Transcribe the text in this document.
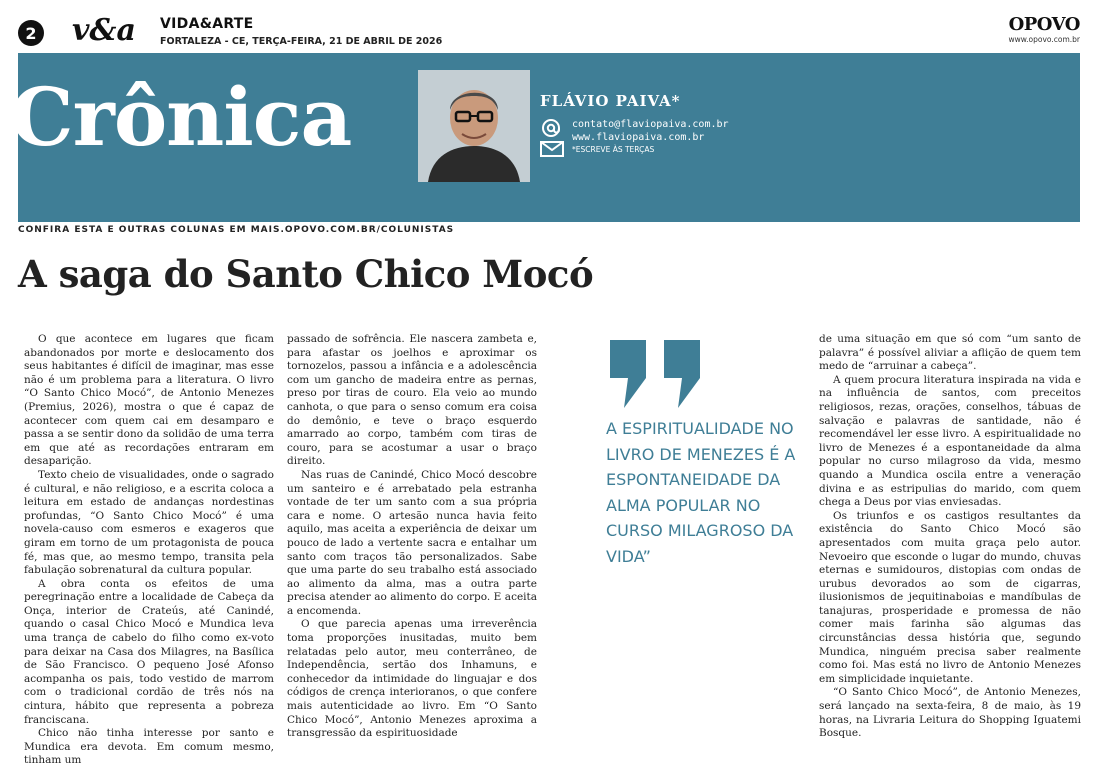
2 v&a VIDA&ARTE
FORTALEZA - CE, TERÇA-FEIRA, 21 DE ABRIL DE 2026
OPOVO
www.opovo.com.br
Crônica	FLÁVIO PAIVA*
contato@flaviopaiva.com.br
www.flaviopaiva.com.br
*ESCREVE ÀS TERÇAS
CONFIRA ESTA E OUTRAS COLUNAS EM MAIS.OPOVO.COM.BR/COLUNISTAS
A saga do Santo Chico Mocó

O que acontece em lugares que ficam abandonados por morte e deslocamento dos seus habitantes é difícil de imaginar, mas esse não é um problema para a literatura. O livro “O Santo Chico Mocó”, de Antonio Menezes (Premius, 2026), mostra o que é capaz de acontecer com quem cai em desamparo e passa a se sentir dono da solidão de uma terra em que até as recordações entraram em desaparição.

Texto cheio de visualidades, onde o sagrado é cultural, e não religioso, e a escrita coloca a leitura em estado de andanças nordestinas profundas, “O Santo Chico Mocó” é uma novela-causo com esmeros e exageros que giram em torno de um protagonista de pouca fé, mas que, ao mesmo tempo, transita pela fabulação sobrenatural da cultura popular.

A obra conta os efeitos de uma peregrinação entre a localidade de Cabeça da Onça, interior de Crateús, até Canindé, quando o casal Chico Mocó e Mundica leva uma trança de cabelo do filho como ex-voto para deixar na Casa dos Milagres, na Basílica de São Francisco. O pequeno José Afonso acompanha os pais, todo vestido de marrom com o tradicional cordão de três nós na cintura, hábito que representa a pobreza franciscana.

Chico não tinha interesse por santo e Mundica era devota. Em comum mesmo, tinham um

passado de sofrência. Ele nascera zambeta e, para afastar os joelhos e aproximar os tornozelos, passou a infância e a adolescência com um gancho de madeira entre as pernas, preso por tiras de couro. Ela veio ao mundo canhota, o que para o senso comum era coisa do demônio, e teve o braço esquerdo amarrado ao corpo, também com tiras de couro, para se acostumar a usar o braço direito.

Nas ruas de Canindé, Chico Mocó descobre um santeiro e é arrebatado pela estranha vontade de ter um santo com a sua própria cara e nome. O artesão nunca havia feito aquilo, mas aceita a experiência de deixar um pouco de lado a vertente sacra e entalhar um santo com traços tão personalizados. Sabe que uma parte do seu trabalho está associado ao alimento da alma, mas a outra parte precisa atender ao alimento do corpo. E aceita a encomenda.

O que parecia apenas uma irreverência toma proporções inusitadas, muito bem relatadas pelo autor, meu conterrâneo, de Independência, sertão dos Inhamuns, e conhecedor da intimidade do linguajar e dos códigos de crença interioranos, o que confere mais autenticidade ao livro. Em “O Santo Chico Mocó”, Antonio Menezes aproxima a transgressão da espirituosidade

A ESPIRITUALIDADE NO LIVRO DE MENEZES É A ESPONTANEIDADE DA ALMA POPULAR NO CURSO MILAGROSO DA VIDA”

de uma situação em que só com “um santo de palavra” é possível aliviar a aflição de quem tem medo de “arruinar a cabeça”.

A quem procura literatura inspirada na vida e na influência de santos, com preceitos religiosos, rezas, orações, conselhos, tábuas de salvação e palavras de santidade, não é recomendável ler esse livro. A espiritualidade no livro de Menezes é a espontaneidade da alma popular no curso milagroso da vida, mesmo quando a Mundica oscila entre a veneração divina e as estripulias do marido, com quem chega a Deus por vias enviesadas.

Os triunfos e os castigos resultantes da existência do Santo Chico Mocó são apresentados com muita graça pelo autor. Nevoeiro que esconde o lugar do mundo, chuvas eternas e sumidouros, distopias com ondas de urubus devorados ao som de cigarras, ilusionismos de jequitinaboias e mandíbulas de tanajuras, prosperidade e promessa de não comer mais farinha são algumas das circunstâncias dessa história que, segundo Mundica, ninguém precisa saber realmente como foi. Mas está no livro de Antonio Menezes em simplicidade inquietante.

“O Santo Chico Mocó”, de Antonio Menezes, será lançado na sexta-feira, 8 de maio, às 19 horas, na Livraria Leitura do Shopping Iguatemi Bosque.
